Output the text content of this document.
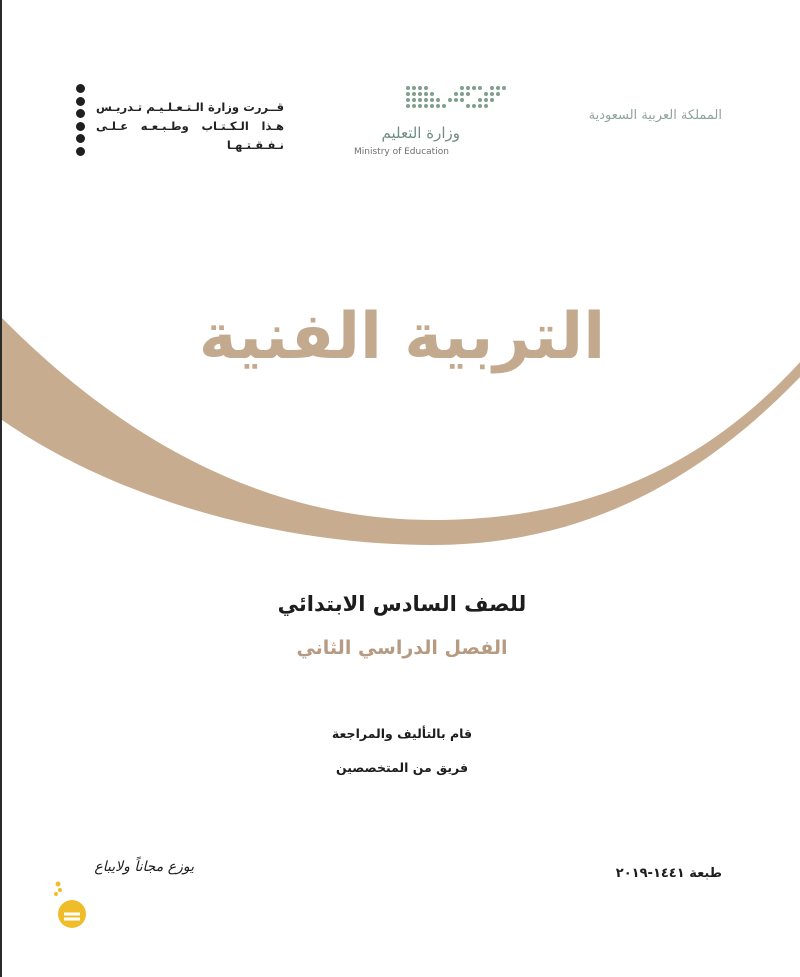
المملكة العربية السعودية
وزارة التعليم
Ministry of Education
قــررت وزارة الـتـعـلـيـم تـدريـس
هـذا الـكـتـاب وطـبـعـه عـلـى نـفـقـتـهـا
التربية الفنية
للصف السادس الابتدائي
الفصل الدراسي الثاني
قام بالتأليف والمراجعة
فريق من المتخصصين
طبعة ١٤٤١-٢٠١٩
يوزع مجاناً ولايباع
